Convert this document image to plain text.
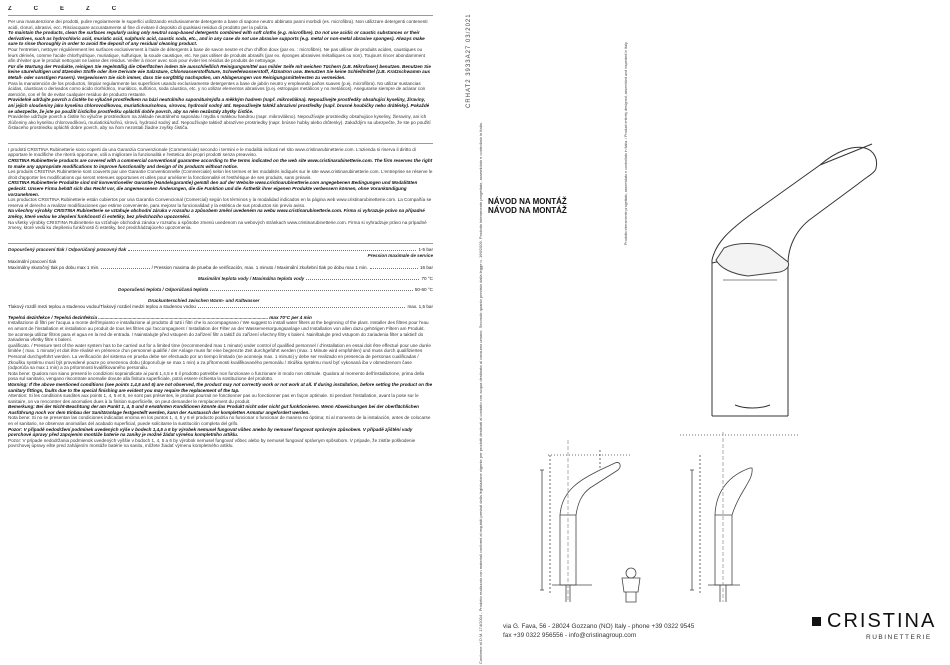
Z C E Z Č

Per una manutenzione dei prodotti, pulire regolarmente le superfici utilizzando esclusivamente detergente a base di sapone neutro abbinato panni morbidi (es. microfibra). Non utilizzare detergenti contenenti acidi, cloruri, abrasivi, ecc. Risciacquare accuratamente al fine di evitare il deposito di qualsiasi residuo di prodotto per la pulizia.

To maintain the products, clean the surfaces regularly using only neutral soap-based detergents combined with soft cloths (e.g. microfibre). Do not use acidic or caustic substances or their derivatives, such as hydrochloric acid, muriatic acid, sulphuric acid, caustic soda, etc., and in any case do not use abrasive supports (e.g. metal or non-metal abrasive sponges). Always make sure to rinse thoroughly in order to avoid the deposit of any residual cleaning product.

Pour l'entretien, nettoyer régulièrement les surfaces exclusivement à l'aide de détergents à base de savon neutre et d'un chiffon doux (par ex. : microfibre). Ne pas utiliser de produits acides, caustiques ou leurs dérivés, comme l'acide chlorhydrique, muriatique, sulfurique, la soude caustique, etc. Ne pas utiliser de produits abrasifs (par ex. éponges abrasives métalliques ou non). Toujours rincer abondamment afin d'éviter que le produit nettoyant ne laisse des résidus. Veiller à rincer avec soin pour éviter les résidus de produits de nettoyage.

Für die Wartung der Produkte, reinigen Sie regelmäßig die Oberflächen indem Sie ausschließlich Reinigungsmittel aus milder Seife mit weichen Tüchern (z.B. Mikrofaser) benutzen. Benutzen Sie keine säurehaltigen und ätzenden Stoffe oder ihre Derivate wie Salzsäure, Chlorwasserstoffsäure, Schwefelwasserstoff, Ätznatron usw. Benutzen Sie keine Schleifmittel (z.B. Kratzschwamm aus Metall- oder sonstigen Fasern). Vergewissern Sie sich immer, dass Sie sorgfältig nachspülen, um Ablagerungen von Reinigungsmittelresten zu vermeiden.

Para la manutención de los productos, limpiar regularmente las superficies usando exclusivamente detergentes a base de jabón neutro y empleando paños suaves (p.ej. microfibra). No utilizar sustancias ácidas, cáusticas o derivados como ácido clorhídrico, muriático, sulfúrico, soda cáustica, etc. y no utilizar elementos abrasivos (p.ej. estropajos metálicos y no metálicos). Asegurarse siempre de aclarar con atención, con el fin de evitar cualquier residuo de producto restante.

Pravidelně udržujte povrch a čistěte ho výlučně prostředkem na bázi neutrálního saponátu/mýdla a měkkým hadrem (např. mikrovlákna). Nepoužívejte prostředky obsahující kyseliny, žíraviny, ani jejich sloučeniny jako kyselinu chlorovodíkovou, muriatickou/solnou, sírovou, hydroxid sodný atd. Nepoužívejte taktéž abrazivní prostředky (např. brusné houbičky nebo drátěnky). Pokaždé se ubezpečte, že jste po použití čisticího prostředku opláchli dobře povrch, aby na něm nezůstaly zbytky čističe.

Pravidelne udržujte povrch a čistite ho výlučne prostriedkom na základe neutrálneho saponátu / mydla s mäkkou handrou (napr. mikrovlákno). Nepoužívajte prostriedky obsahujúce kyseliny, žieraviny, ani ich zlúčeniny ako kyselinu chlorovodíkovú, muriatickú/soľnú, sírovú, hydroxid sodný atď. Nepoužívajte taktiež abrazívne prostriedky (napr. brúsne hubky alebo drôtenky). Zakaždým sa ubezpečte, že ste po použití čistiaceho prostriedku opláchli dobre povrch, aby na ňom nezostali žiadne zvyšky čističa.

I prodotti CRISTINA Rubinetterie sono coperti da una Garanzia Convenzionale (Commerciale) secondo i termini e le modalità indicati nel sito www.cristinarubinetterie.com. L'azienda si riserva il diritto di apportare le modifiche che riterrà opportune, utili a migliorare la funzionalità e l'estetica dei propri prodotti senza preavviso.

CRISTINA Rubinetterie products are covered with a commercial conventional guarantee according to the terms indicated on the web site www.cristinarubinetterie.com. The firm reserves the right to make any appropriate modifications to improve functionality and design of its products without notice.

Les produits CRISTINA Rubinetterie sont couverts par une Garantie Conventionnelle (Commerciale) selon les termes et les modalités indiqués sur le site www.cristinarubinetterie.com. L'entreprise se réserve le droit d'apporter les modifications qui seront retenues opportunes et utiles pour améliorer la fonctionnalité et l'esthétique de ses produits, sans préavis.

CRISTINA Rubinetterie Produkte sind mit konventioneller Garantie (Handelsgarantie) gemäß den auf der Website www.cristinarubinetterie.com angegebenen Bedingungen und Modalitäten gedeckt. Unsere Firma behält sich das Recht vor, die angemessenen Änderungen, die die Funktion und die Ästhetik ihrer eigenen Produkte verbessern können, ohne Vorankündigung vorzunehmen.

Los productos CRISTINA Rubinetterie están cubiertos por una Garantía Convencional (Comercial) según los términos y la modalidad indicados en la página web www.cristinarubinetterie.com. La Compañía se reserva el derecho a realizar modificaciones que estime conveniente, para mejorar la funcionalidad y la estética de sus productos sin previo aviso.

Na všechny výrobky CRISTINA Rubinetterie se vztahuje obchodní záruka v rozsahu a způsobem změní uvedeném na webu www.cristinarubinetterie.com. Firma si vyhrazuje právo na případné změny, které vedou ke zlepšení funkčnosti či estetiky, bez předchozího upozornění.

Na všetky výrobky CRISTINA Rubinetterie sa vzťahuje obchodná záruka v rozsahu a spôsobe zmenú uvedenom na webových stránkach www.cristinarubinetterie.com. Firma si vyhradzuje právo na prípadné zmeny, ktoré vedú ku zlepšeniu funkčnosti či estetiky, bez predchádzajúceho upozornenia.

Dopourčený pracovní tlak / Odporúčaný pracovný tlak	1-5 bar
Pression maximale de service
Maximální pracovní tlak
Maximálny skutočný tlak po dobu max 1 min.	/ Pression maxima de prueba de verificación, max. 1 minuto / Maximální zkušební tlak po dobu max 1 min.	16 bar
Maximální teplota vody / Maximálna teplota vody	70 °C
Doporučená teplota / Odporúčaná teplota	50-60 °C
Druckunterschied zwischen Warm- und Kaltwasser
Tlakový rozdíl mezi teplou a studenou vodou/Tlakový rozdiel medzi teplou a studenou vodou	max. 1,5 bar

Tepelná dezinfekce / Tepelná dezinfekcia ..................................................................................................................................... max 70°C per 4 min

Installazione di filtri per l'acqua a monte dell'impianto e installazione al prodotto di tutti i filtri che lo accompagnano / We suggest to install water filters at the beginning of the plant. Installer des filtres pour l'eau en amont de l'installation et installation au produit de tous les filtres qui l'accompagnent / Installation der Filter an der Wasserversorgungsanlage und Installation von allen dazu gehörigen Filtern am Produkt.

Se aconseja utilizar filtros para el agua en la red de entrada. / Nainstalujte před vstupem do zařízení filtr a taktiž do zařízení všechny filtry s balení. Nainštalujte pred vstupom do zariadenia filter a taktiež do zariadenia všetky filtre s balení.

qualificato. / Pressure test of the water system has to be carried out for a limited time (recommended max 1 minute) under control of qualified personnel / d'installation en essai doit être effectué pour une durée limitée ( max. 1 minute) et doit être réalisé en présence d'un personnel qualifié / der Anlage muss für eine begrenzte Zeit durchgeführt werden (max. 1 Minute wird empfohlen) und muss durch qualifiziertes Personal durchgeführt werden. La verificación del sistema en prueba debe ser efectuado por un tiempo limitado (se aconseja max. 1 minuto) y debe ser realizado en presencia de personas cualificadas / Zkoušku systému musí být provedené pouze po omezenou dobu (doporučuje se max 1 min) a za přítomnosti kvalifikovaného personálu / Skúška systému musí byť vykonaná iba v obmedzenom čase (odporúča sa max 1 min) a za prítomnosti kvalifikovaného personálu.

Nota bene: Qualora non siano presenti le condizioni sopraindicate ai punti 1,4,5 e 6 il prodotto potrebbe non funzionare o funzionare in modo non ottimale. Qualora al momento dell'installazione, prima della posa sul sanitario, vengano riscontrate anomalie dovute alla finitura superficiale, potrà essere richiesta la sostituzione del prodotto.

Warning: If the above mentioned conditions (see points 1,4,5 and 6) are not observed, the product may not correctly work or not work at all. If during installation, before setting the product on the sanitary fittings, faults due to the special finishing are evident you may require the replacement of the tap.

Attention: Si les conditions susdites aux points 1, 4, 5 et 6, ne sont pas présentes, le produit pourrait ne fonctionner pas ou fonctionner pas en façon optimale. Si pendant l'installation, avant la pose sur le sanitaire, on va rencontrer des anomalies dues à la finition superficielle, on peut demander le remplacement du produit.

Bemerkung: Bei der Nicht-Beachtung der am Punkt 1, 4, 5 und 6 erwähnten Konditionen könnte das Produkt nicht oder nicht gut funktionieren. Wenn Abweichungen bei der oberflächlichen Ausführung noch vor dem Einbau der Sanitäranlage festgestellt werden, kann der Austausch der kompletten Armatur angefordert werden.

Nota bene: Si no se presentan las condiciones indicadas encima en los puntos 1, 4, 5 y 6 el producto podría no funcionar o funcionar de manera no óptima; Si al momento de la instalación, antes de colocarse en el sanitario, se observan anomalías del acabado superficial, puede solicitarse la sustitución completa del grifo.

Pozor: V případě nedodržení podmínek uvedených výše v bodech 1,4,5 a 6 by výrobek nemusel fungovat vůbec anebo by nemusel fungovat správným způsobem. V případě zjištění vady povrchové úpravy před zapojením montáže baterie na zaniky je možné žádat výměnu kompletního artiklu.

Pozor: V prípade nedodržania podmienok uvedených vyššie v bodoch 1, 4, 5 a 6 by výrobok nemusel fungovať vôbec alebo by nemusel fungovať správnym spôsobom. V prípade, že zistíte poškodenie povrchovej úpravy ešte pred zahájením montáže batérie na sanitu, môžete žiadať výmenu kompletného artiklu.

CRHAT2 3933A27 03/2021
Conforme al D.M. 174/2004 - Prodotto realizzato con materiali conformi ai requisiti previsti dalla legislazione vigente per prodotti destinati al contatto con acqua destinata al consumo umano. Secondo quanto previsto dalla legge n. 166/2009. Prodotto interamente progettato, assemblato e controllato in Italia.	Prodotto interamente progettato, assemblato e controllato in Italia. / Product entirely designed, assembled and inspected in Italy.
NÁVOD NA MONTÁŽ
NÁVOD NA MONTÁŽ
via G. Fava, 56 - 28024 Gozzano (NO) Italy - phone +39 0322 9545
fax +39 0322 956556 - info@cristinagroup.com
CRISTINA
RUBINETTERIE
